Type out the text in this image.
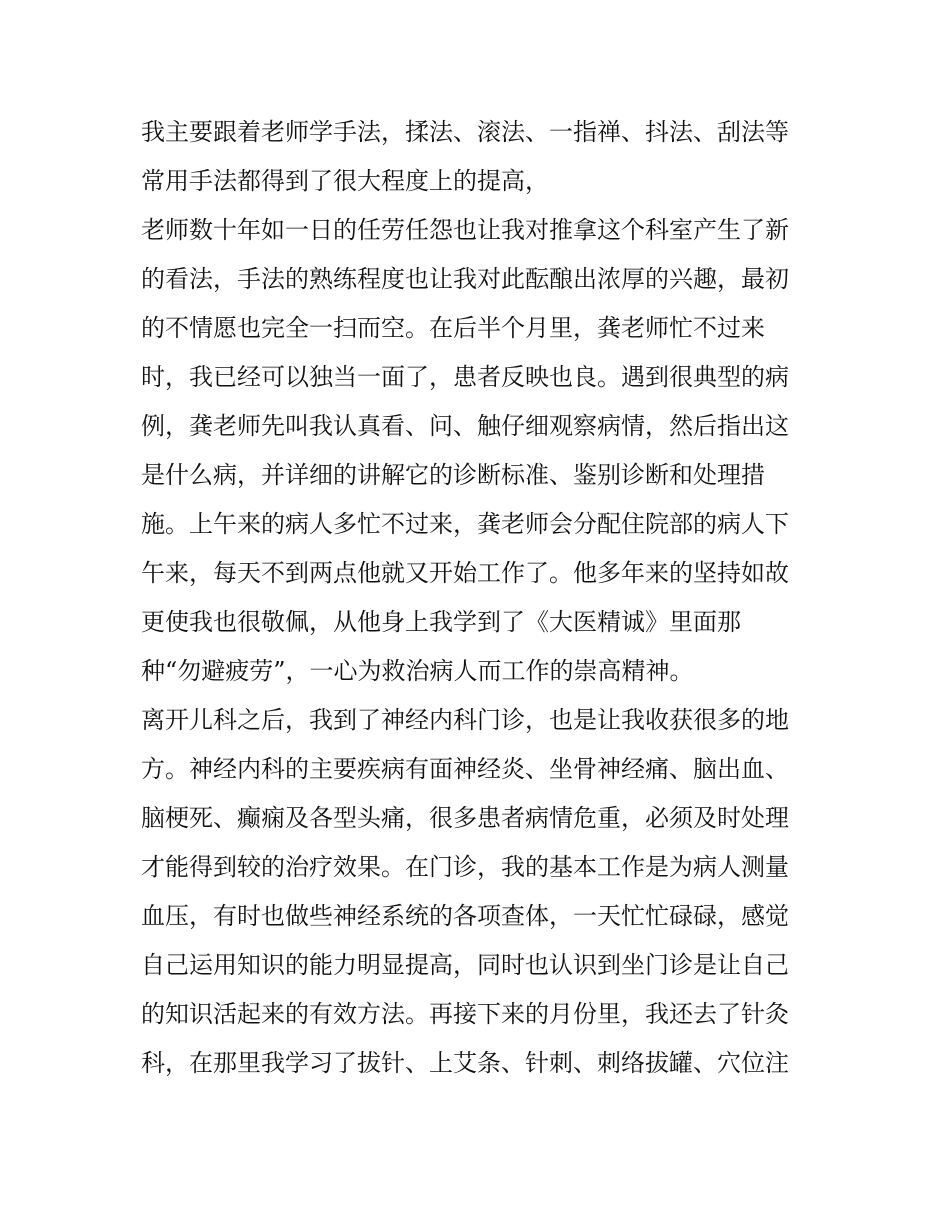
我主要跟着老师学手法，揉法、滚法、一指禅、抖法、刮法等
常用手法都得到了很大程度上的提高，
老师数十年如一日的任劳任怨也让我对推拿这个科室产生了新
的看法，手法的熟练程度也让我对此酝酿出浓厚的兴趣，最初
的不情愿也完全一扫而空。在后半个月里，龚老师忙不过来
时，我已经可以独当一面了，患者反映也良。遇到很典型的病
例，龚老师先叫我认真看、问、触仔细观察病情，然后指出这
是什么病，并详细的讲解它的诊断标准、鉴别诊断和处理措
施。上午来的病人多忙不过来，龚老师会分配住院部的病人下
午来，每天不到两点他就又开始工作了。他多年来的坚持如故
更使我也很敬佩，从他身上我学到了《大医精诚》里面那
种“勿避疲劳”，一心为救治病人而工作的崇高精神。
离开儿科之后，我到了神经内科门诊，也是让我收获很多的地
方。神经内科的主要疾病有面神经炎、坐骨神经痛、脑出血、
脑梗死、癫痫及各型头痛，很多患者病情危重，必须及时处理
才能得到较的治疗效果。在门诊，我的基本工作是为病人测量
血压，有时也做些神经系统的各项查体，一天忙忙碌碌，感觉
自己运用知识的能力明显提高，同时也认识到坐门诊是让自己
的知识活起来的有效方法。再接下来的月份里，我还去了针灸
科，在那里我学习了拔针、上艾条、针刺、刺络拔罐、穴位注
